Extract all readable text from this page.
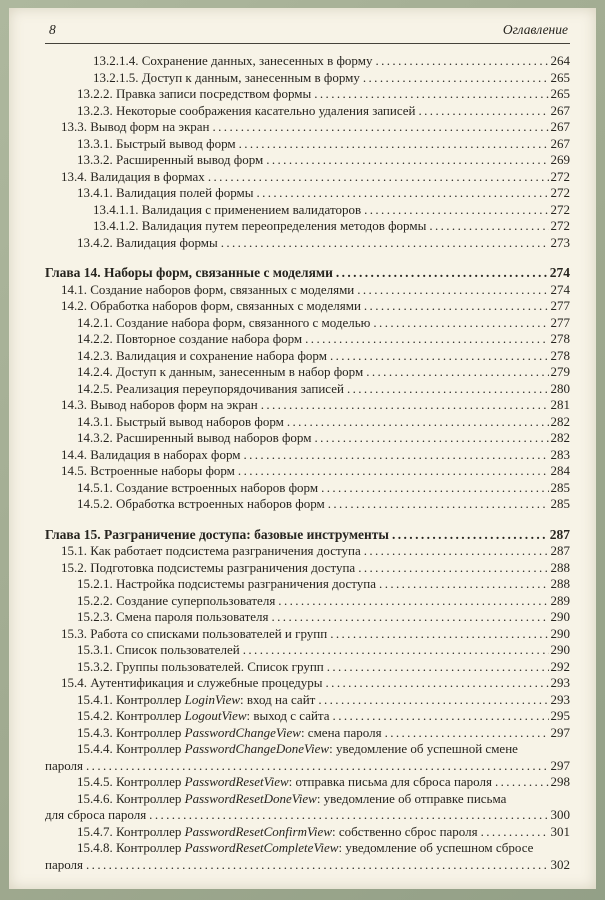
8	Оглавление
13.2.1.4. Сохранение данных, занесенных в форму .....	264
13.2.1.5. Доступ к данным, занесенным в форму .....	265
13.2.2. Правка записи посредством формы .....	265
13.2.3. Некоторые соображения касательно удаления записей .....	267
13.3. Вывод форм на экран .....	267
13.3.1. Быстрый вывод форм .....	267
13.3.2. Расширенный вывод форм .....	269
13.4. Валидация в формах .....	272
13.4.1. Валидация полей формы .....	272
13.4.1.1. Валидация с применением валидаторов .....	272
13.4.1.2. Валидация путем переопределения методов формы .....	272
13.4.2. Валидация формы .....	273
Глава 14. Наборы форм, связанные с моделями .....	274
14.1. Создание наборов форм, связанных с моделями .....	274
14.2. Обработка наборов форм, связанных с моделями .....	277
14.2.1. Создание набора форм, связанного с моделью .....	277
14.2.2. Повторное создание набора форм .....	278
14.2.3. Валидация и сохранение набора форм .....	278
14.2.4. Доступ к данным, занесенным в набор форм .....	279
14.2.5. Реализация переупорядочивания записей .....	280
14.3. Вывод наборов форм на экран .....	281
14.3.1. Быстрый вывод наборов форм .....	282
14.3.2. Расширенный вывод наборов форм .....	282
14.4. Валидация в наборах форм .....	283
14.5. Встроенные наборы форм .....	284
14.5.1. Создание встроенных наборов форм .....	285
14.5.2. Обработка встроенных наборов форм .....	285
Глава 15. Разграничение доступа: базовые инструменты .....	287
15.1. Как работает подсистема разграничения доступа .....	287
15.2. Подготовка подсистемы разграничения доступа .....	288
15.2.1. Настройка подсистемы разграничения доступа .....	288
15.2.2. Создание суперпользователя .....	289
15.2.3. Смена пароля пользователя .....	290
15.3. Работа со списками пользователей и групп .....	290
15.3.1. Список пользователей .....	290
15.3.2. Группы пользователей. Список групп .....	292
15.4. Аутентификация и служебные процедуры .....	293
15.4.1. Контроллер LoginView: вход на сайт .....	293
15.4.2. Контроллер LogoutView: выход с сайта .....	295
15.4.3. Контроллер PasswordChangeView: смена пароля .....	297
15.4.4. Контроллер PasswordChangeDoneView: уведомление об успешной смене
пароля .....	297
15.4.5. Контроллер PasswordResetView: отправка письма для сброса пароля .....	298
15.4.6. Контроллер PasswordResetDoneView: уведомление об отправке письма
для сброса пароля .....	300
15.4.7. Контроллер PasswordResetConfirmView: собственно сброс пароля .....	301
15.4.8. Контроллер PasswordResetCompleteView: уведомление об успешном сбросе
пароля .....	302
